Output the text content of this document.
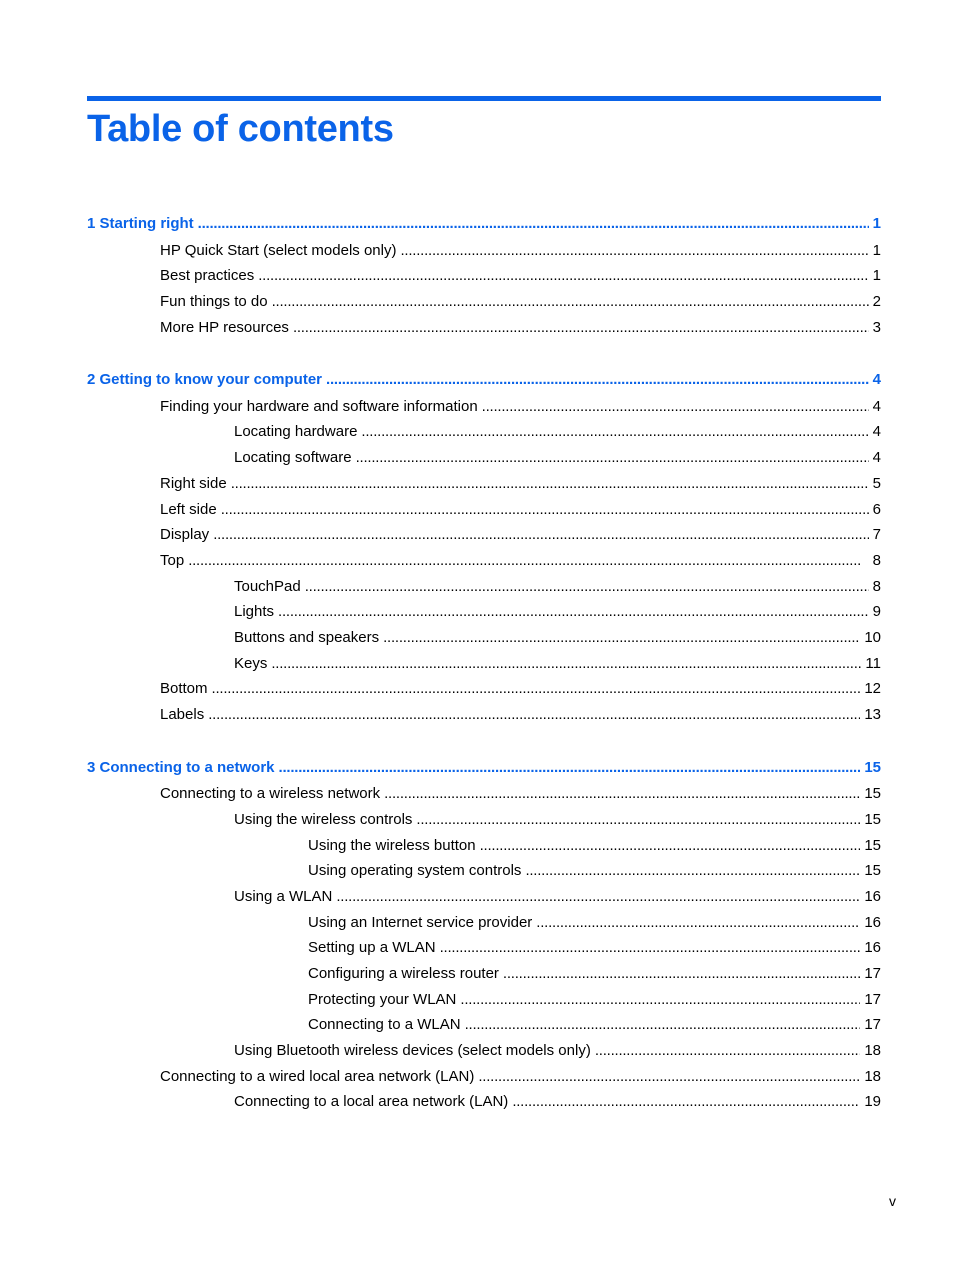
Table of contents
1 Starting right . . .	1
HP Quick Start (select models only) . . .	1
Best practices . . .	1
Fun things to do . . .	2
More HP resources . . .	3
2 Getting to know your computer . . .	4
Finding your hardware and software information . . .	4
Locating hardware . . .	4
Locating software . . .	4
Right side . . .	5
Left side . . .	6
Display . . .	7
Top . . .	8
TouchPad . . .	8
Lights . . .	9
Buttons and speakers . . .	10
Keys . . .	11
Bottom . . .	12
Labels . . .	13
3 Connecting to a network . . .	15
Connecting to a wireless network . . .	15
Using the wireless controls . . .	15
Using the wireless button . . .	15
Using operating system controls . . .	15
Using a WLAN . . .	16
Using an Internet service provider . . .	16
Setting up a WLAN . . .	16
Configuring a wireless router . . .	17
Protecting your WLAN . . .	17
Connecting to a WLAN . . .	17
Using Bluetooth wireless devices (select models only) . . .	18
Connecting to a wired local area network (LAN) . . .	18
Connecting to a local area network (LAN) . . .	19
v
